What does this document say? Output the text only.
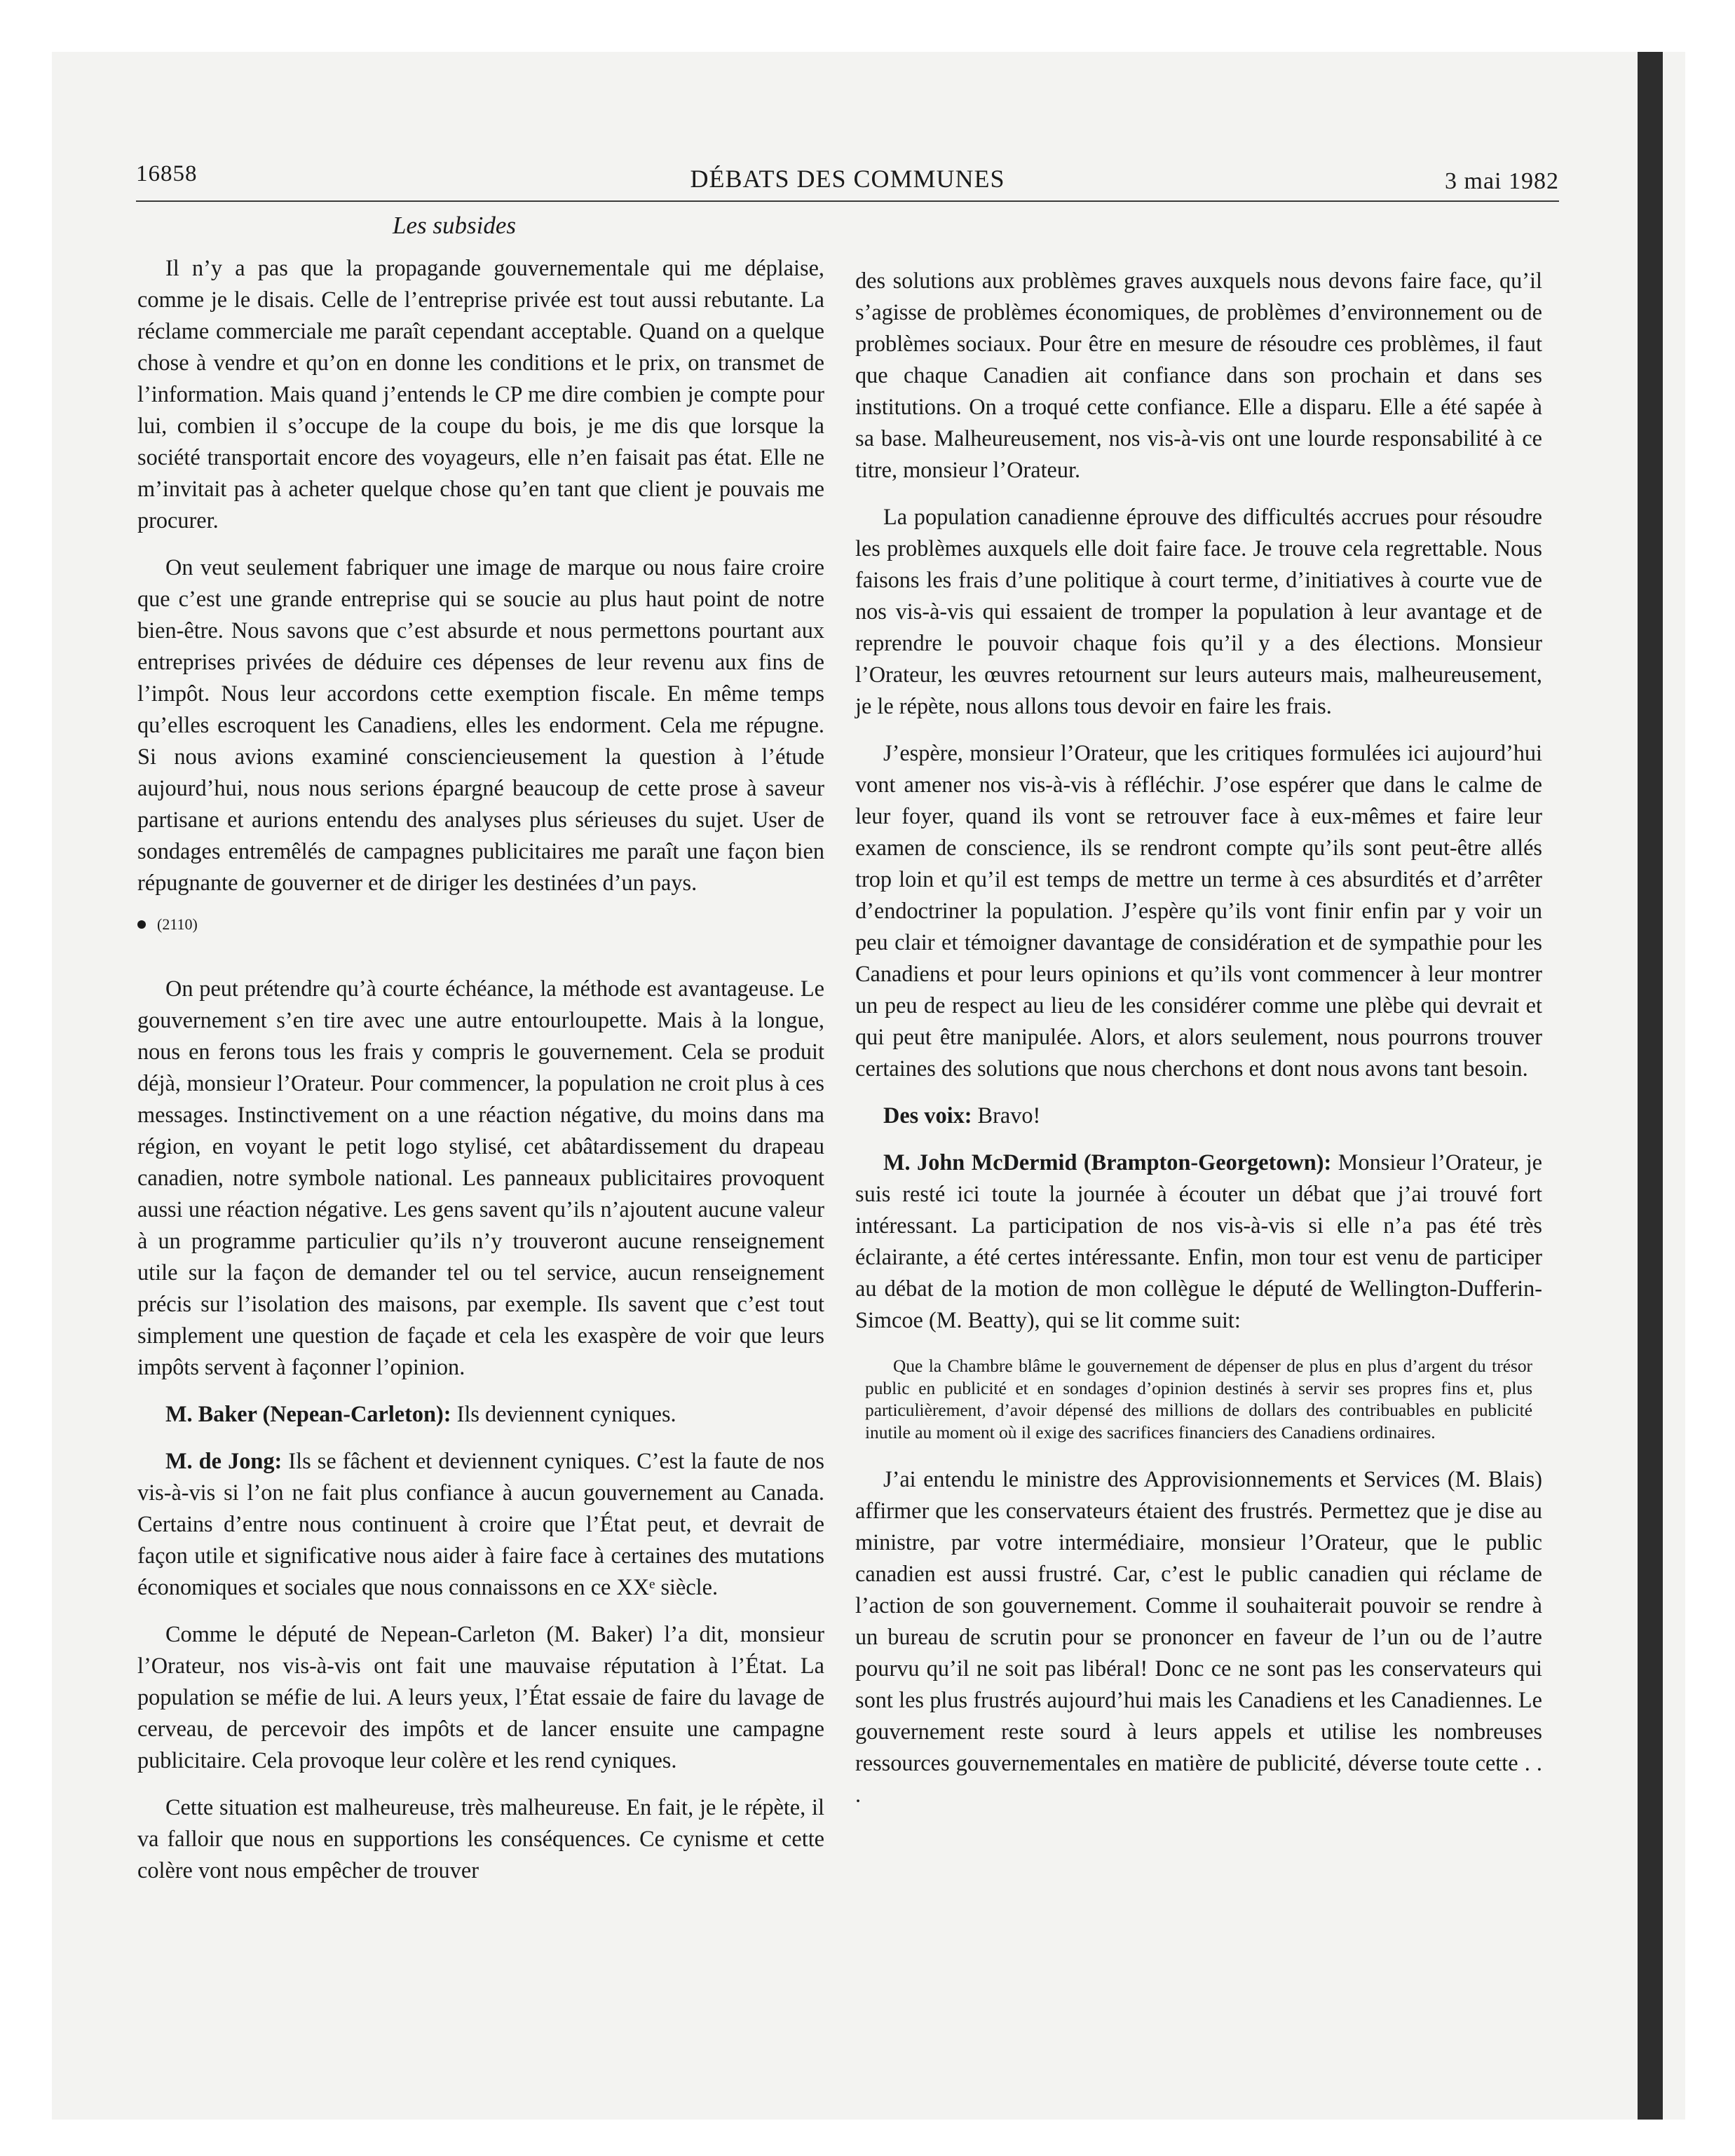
16858	DÉBATS DES COMMUNES	3 mai 1982
Les subsides

Il n’y a pas que la propagande gouvernementale qui me déplaise, comme je le disais. Celle de l’entreprise privée est tout aussi rebutante. La réclame commerciale me paraît cependant acceptable. Quand on a quelque chose à vendre et qu’on en donne les conditions et le prix, on transmet de l’information. Mais quand j’entends le CP me dire combien je compte pour lui, combien il s’occupe de la coupe du bois, je me dis que lorsque la société transportait encore des voyageurs, elle n’en faisait pas état. Elle ne m’invitait pas à acheter quelque chose qu’en tant que client je pouvais me procurer.

On veut seulement fabriquer une image de marque ou nous faire croire que c’est une grande entreprise qui se soucie au plus haut point de notre bien-être. Nous savons que c’est absurde et nous permettons pourtant aux entreprises privées de déduire ces dépenses de leur revenu aux fins de l’impôt. Nous leur accordons cette exemption fiscale. En même temps qu’elles escroquent les Canadiens, elles les endorment. Cela me répugne. Si nous avions examiné consciencieusement la question à l’étude aujourd’hui, nous nous serions épargné beaucoup de cette prose à saveur partisane et aurions entendu des analyses plus sérieuses du sujet. User de sondages entremêlés de campagnes publicitaires me paraît une façon bien répugnante de gouverner et de diriger les destinées d’un pays.

(2110)

On peut prétendre qu’à courte échéance, la méthode est avantageuse. Le gouvernement s’en tire avec une autre entourloupette. Mais à la longue, nous en ferons tous les frais y compris le gouvernement. Cela se produit déjà, monsieur l’Orateur. Pour commencer, la population ne croit plus à ces messages. Instinctivement on a une réaction négative, du moins dans ma région, en voyant le petit logo stylisé, cet abâtardissement du drapeau canadien, notre symbole national. Les panneaux publicitaires provoquent aussi une réaction négative. Les gens savent qu’ils n’ajoutent aucune valeur à un programme particulier qu’ils n’y trouveront aucune renseignement utile sur la façon de demander tel ou tel service, aucun renseignement précis sur l’isolation des maisons, par exemple. Ils savent que c’est tout simplement une question de façade et cela les exaspère de voir que leurs impôts servent à façonner l’opinion.

M. Baker (Nepean-Carleton): Ils deviennent cyniques.

M. de Jong: Ils se fâchent et deviennent cyniques. C’est la faute de nos vis-à-vis si l’on ne fait plus confiance à aucun gouvernement au Canada. Certains d’entre nous continuent à croire que l’État peut, et devrait de façon utile et significative nous aider à faire face à certaines des mutations économiques et sociales que nous connaissons en ce XXᵉ siècle.

Comme le député de Nepean-Carleton (M. Baker) l’a dit, monsieur l’Orateur, nos vis-à-vis ont fait une mauvaise réputation à l’État. La population se méfie de lui. A leurs yeux, l’État essaie de faire du lavage de cerveau, de percevoir des impôts et de lancer ensuite une campagne publicitaire. Cela provoque leur colère et les rend cyniques.

Cette situation est malheureuse, très malheureuse. En fait, je le répète, il va falloir que nous en supportions les conséquences. Ce cynisme et cette colère vont nous empêcher de trouver

des solutions aux problèmes graves auxquels nous devons faire face, qu’il s’agisse de problèmes économiques, de problèmes d’environnement ou de problèmes sociaux. Pour être en mesure de résoudre ces problèmes, il faut que chaque Canadien ait confiance dans son prochain et dans ses institutions. On a troqué cette confiance. Elle a disparu. Elle a été sapée à sa base. Malheureusement, nos vis-à-vis ont une lourde responsabilité à ce titre, monsieur l’Orateur.

La population canadienne éprouve des difficultés accrues pour résoudre les problèmes auxquels elle doit faire face. Je trouve cela regrettable. Nous faisons les frais d’une politique à court terme, d’initiatives à courte vue de nos vis-à-vis qui essaient de tromper la population à leur avantage et de reprendre le pouvoir chaque fois qu’il y a des élections. Monsieur l’Orateur, les œuvres retournent sur leurs auteurs mais, malheureusement, je le répète, nous allons tous devoir en faire les frais.

J’espère, monsieur l’Orateur, que les critiques formulées ici aujourd’hui vont amener nos vis-à-vis à réfléchir. J’ose espérer que dans le calme de leur foyer, quand ils vont se retrouver face à eux-mêmes et faire leur examen de conscience, ils se rendront compte qu’ils sont peut-être allés trop loin et qu’il est temps de mettre un terme à ces absurdités et d’arrêter d’endoctriner la population. J’espère qu’ils vont finir enfin par y voir un peu clair et témoigner davantage de considération et de sympathie pour les Canadiens et pour leurs opinions et qu’ils vont commencer à leur montrer un peu de respect au lieu de les considérer comme une plèbe qui devrait et qui peut être manipulée. Alors, et alors seulement, nous pourrons trouver certaines des solutions que nous cherchons et dont nous avons tant besoin.

Des voix: Bravo!

M. John McDermid (Brampton-Georgetown): Monsieur l’Orateur, je suis resté ici toute la journée à écouter un débat que j’ai trouvé fort intéressant. La participation de nos vis-à-vis si elle n’a pas été très éclairante, a été certes intéressante. Enfin, mon tour est venu de participer au débat de la motion de mon collègue le député de Wellington-Dufferin-Simcoe (M. Beatty), qui se lit comme suit:

Que la Chambre blâme le gouvernement de dépenser de plus en plus d’argent du trésor public en publicité et en sondages d’opinion destinés à servir ses propres fins et, plus particulièrement, d’avoir dépensé des millions de dollars des contribuables en publicité inutile au moment où il exige des sacrifices financiers des Canadiens ordinaires.

J’ai entendu le ministre des Approvisionnements et Services (M. Blais) affirmer que les conservateurs étaient des frustrés. Permettez que je dise au ministre, par votre intermédiaire, monsieur l’Orateur, que le public canadien est aussi frustré. Car, c’est le public canadien qui réclame de l’action de son gouvernement. Comme il souhaiterait pouvoir se rendre à un bureau de scrutin pour se prononcer en faveur de l’un ou de l’autre pourvu qu’il ne soit pas libéral! Donc ce ne sont pas les conservateurs qui sont les plus frustrés aujourd’hui mais les Canadiens et les Canadiennes. Le gouvernement reste sourd à leurs appels et utilise les nombreuses ressources gouvernementales en matière de publicité, déverse toute cette . . .
